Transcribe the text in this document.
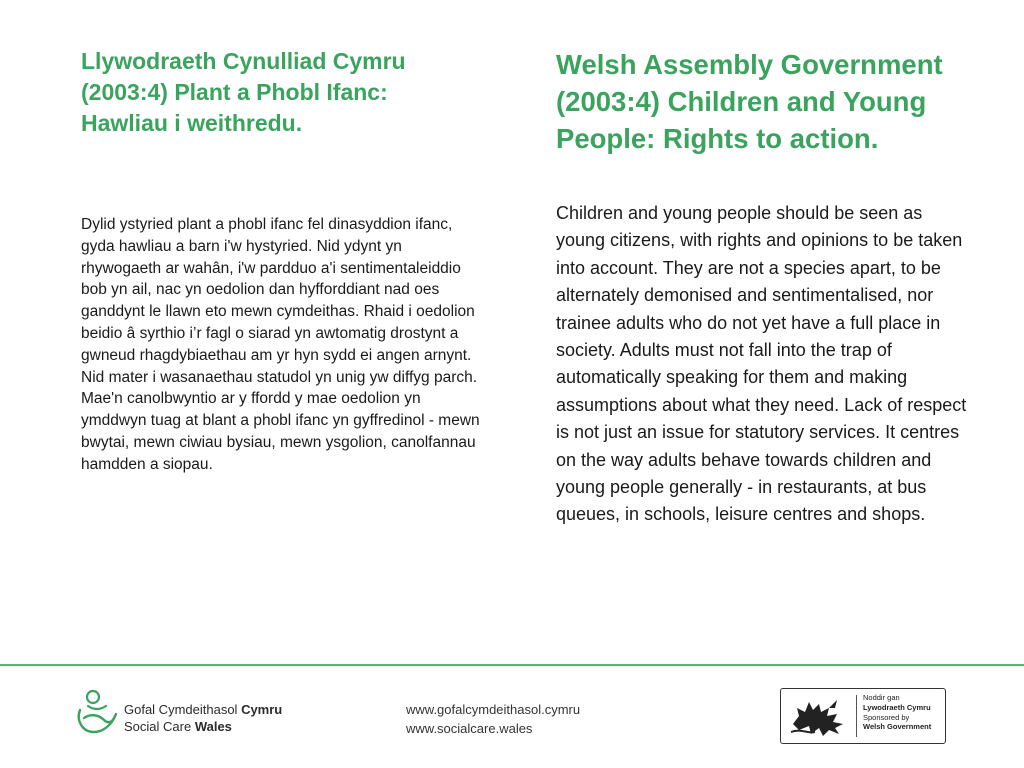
Llywodraeth Cynulliad Cymru (2003:4) Plant a Phobl Ifanc: Hawliau i weithredu.

Dylid ystyried plant a phobl ifanc fel dinasyddion ifanc, gyda hawliau a barn i'w hystyried. Nid ydynt yn rhywogaeth ar wahân, i'w pardduo a'i sentimentaleiddio bob yn ail, nac yn oedolion dan hyfforddiant nad oes ganddynt le llawn eto mewn cymdeithas. Rhaid i oedolion beidio â syrthio i’r fagl o siarad yn awtomatig drostynt a gwneud rhagdybiaethau am yr hyn sydd ei angen arnynt. Nid mater i wasanaethau statudol yn unig yw diffyg parch. Mae'n canolbwyntio ar y ffordd y mae oedolion yn ymddwyn tuag at blant a phobl ifanc yn gyffredinol - mewn bwytai, mewn ciwiau bysiau, mewn ysgolion, canolfannau hamdden a siopau.

Welsh Assembly Government (2003:4) Children and Young People: Rights to action.

Children and young people should be seen as young citizens, with rights and opinions to be taken into account. They are not a species apart, to be alternately demonised and sentimentalised, nor trainee adults who do not yet have a full place in society. Adults must not fall into the trap of automatically speaking for them and making assumptions about what they need. Lack of respect is not just an issue for statutory services. It centres on the way adults behave towards children and young people generally - in restaurants, at bus queues, in schools, leisure centres and shops.

Gofal Cymdeithasol Cymru
Social Care Wales
www.gofalcymdeithasol.cymru
www.socialcare.wales
Noddir gan
Lywodraeth Cymru
Sponsored by
Welsh Government
